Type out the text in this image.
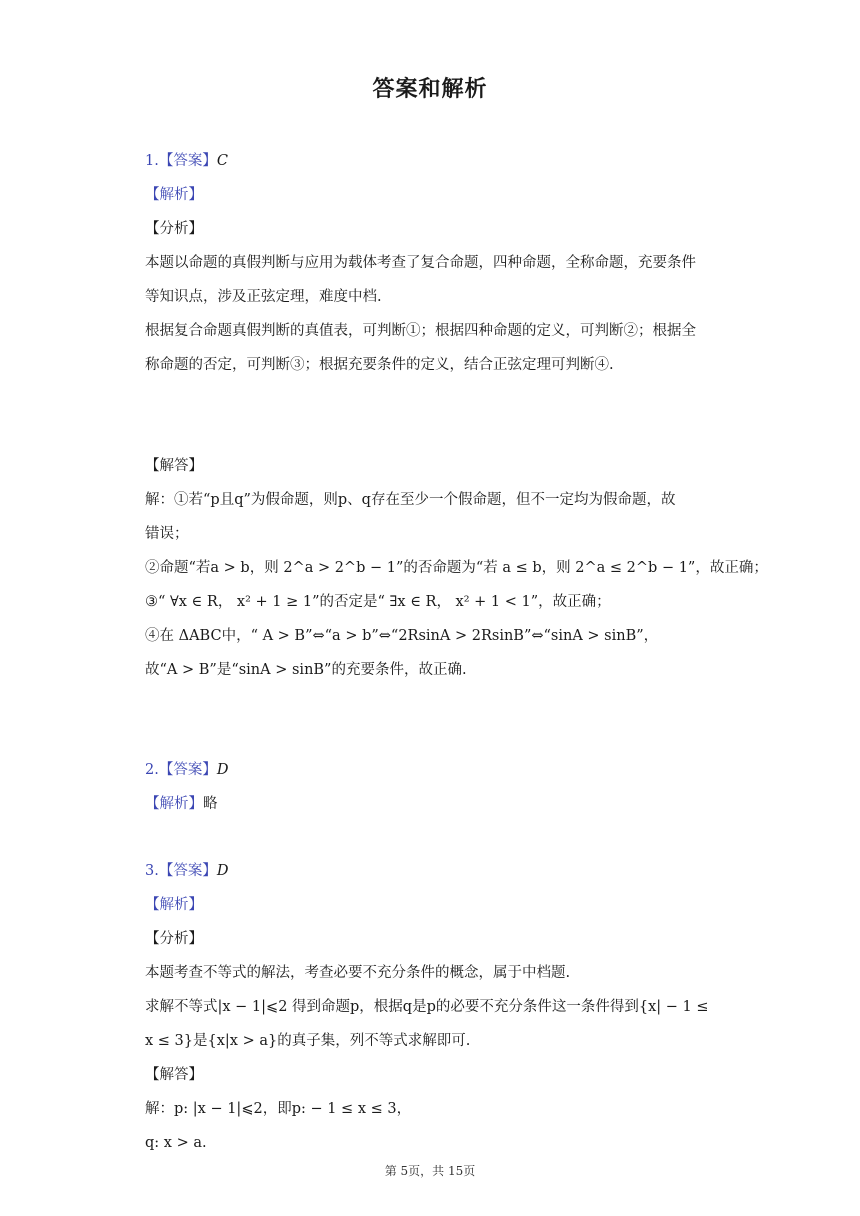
答案和解析
1.【答案】C
【解析】
【分析】
本题以命题的真假判断与应用为载体考查了复合命题，四种命题，全称命题，充要条件
等知识点，涉及正弦定理，难度中档.
根据复合命题真假判断的真值表，可判断①；根据四种命题的定义，可判断②；根据全
称命题的否定，可判断③；根据充要条件的定义，结合正弦定理可判断④.
【解答】
解：①若“p且q”为假命题，则p、q存在至少一个假命题，但不一定均为假命题，故
错误；
②命题“若a > b，则 2^a > 2^b − 1”的否命题为“若 a ≤ b，则 2^a ≤ 2^b − 1”，故正确；
③“ ∀x ∈ R， x² + 1 ≥ 1”的否定是“ ∃x ∈ R， x² + 1 < 1”，故正确；
④在 ΔABC中，“ A > B”⇔“a > b”⇔“2RsinA > 2RsinB”⇔“sinA > sinB”，
故“A > B”是“sinA > sinB”的充要条件，故正确.
2.【答案】D
【解析】略
3.【答案】D
【解析】
【分析】
本题考查不等式的解法，考查必要不充分条件的概念，属于中档题.
求解不等式|x − 1|⩽2 得到命题p，根据q是p的必要不充分条件这一条件得到{x| − 1 ≤
x ≤ 3}是{x|x > a}的真子集，列不等式求解即可.
【解答】
解：p: |x − 1|⩽2，即p: − 1 ≤ x ≤ 3，
q: x > a.
第 5页，共 15页
